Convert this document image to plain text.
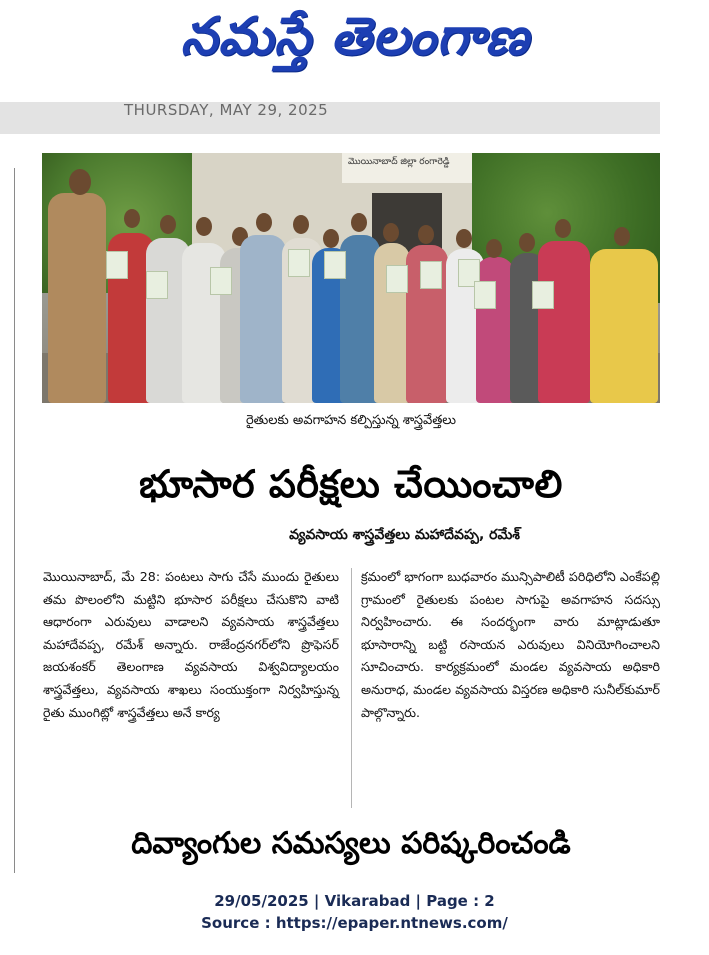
నమస్తే తెలంగాణ
THURSDAY, MAY 29, 2025
మొయినాబాద్ జిల్లా రంగారెడ్డి
రైతులకు అవగాహన కల్పిస్తున్న శాస్త్రవేత్తలు
భూసార పరీక్షలు చేయించాలి
వ్యవసాయ శాస్త్రవేత్తలు మహాదేవప్ప, రమేశ్
మొయినాబాద్, మే 28: పంటలు సాగు చేసే ముందు రైతులు తమ పొలంలోని మట్టిని భూసార పరీక్షలు చేసుకొని వాటి ఆధారంగా ఎరువులు వాడాలని వ్యవసాయ శాస్త్రవేత్తలు మహాదేవప్ప, రమేశ్ అన్నారు. రాజేంద్రనగర్‌లోని ప్రొఫెసర్ జయశంకర్ తెలంగాణ వ్యవసాయ విశ్వవిద్యాలయం శాస్త్రవేత్తలు, వ్యవసాయ శాఖలు సంయుక్తంగా నిర్వహిస్తున్న రైతు ముంగిట్లో శాస్త్రవేత్తలు అనే కార్య
క్రమంలో భాగంగా బుధవారం మున్సిపాలిటీ పరిధిలోని ఎంకేపల్లి గ్రామంలో రైతులకు పంటల సాగుపై అవగాహన సదస్సు నిర్వహించారు. ఈ సందర్భంగా వారు మాట్లాడుతూ భూసారాన్ని బట్టి రసాయన ఎరువులు వినియోగించాలని సూచించారు. కార్యక్రమంలో మండల వ్యవసాయ అధికారి అనురాధ, మండల వ్యవసాయ విస్తరణ అధికారి సునీల్‌కుమార్ పాల్గొన్నారు.
దివ్యాంగుల సమస్యలు పరిష్కరించండి
29/05/2025 | Vikarabad | Page : 2
Source : https://epaper.ntnews.com/
